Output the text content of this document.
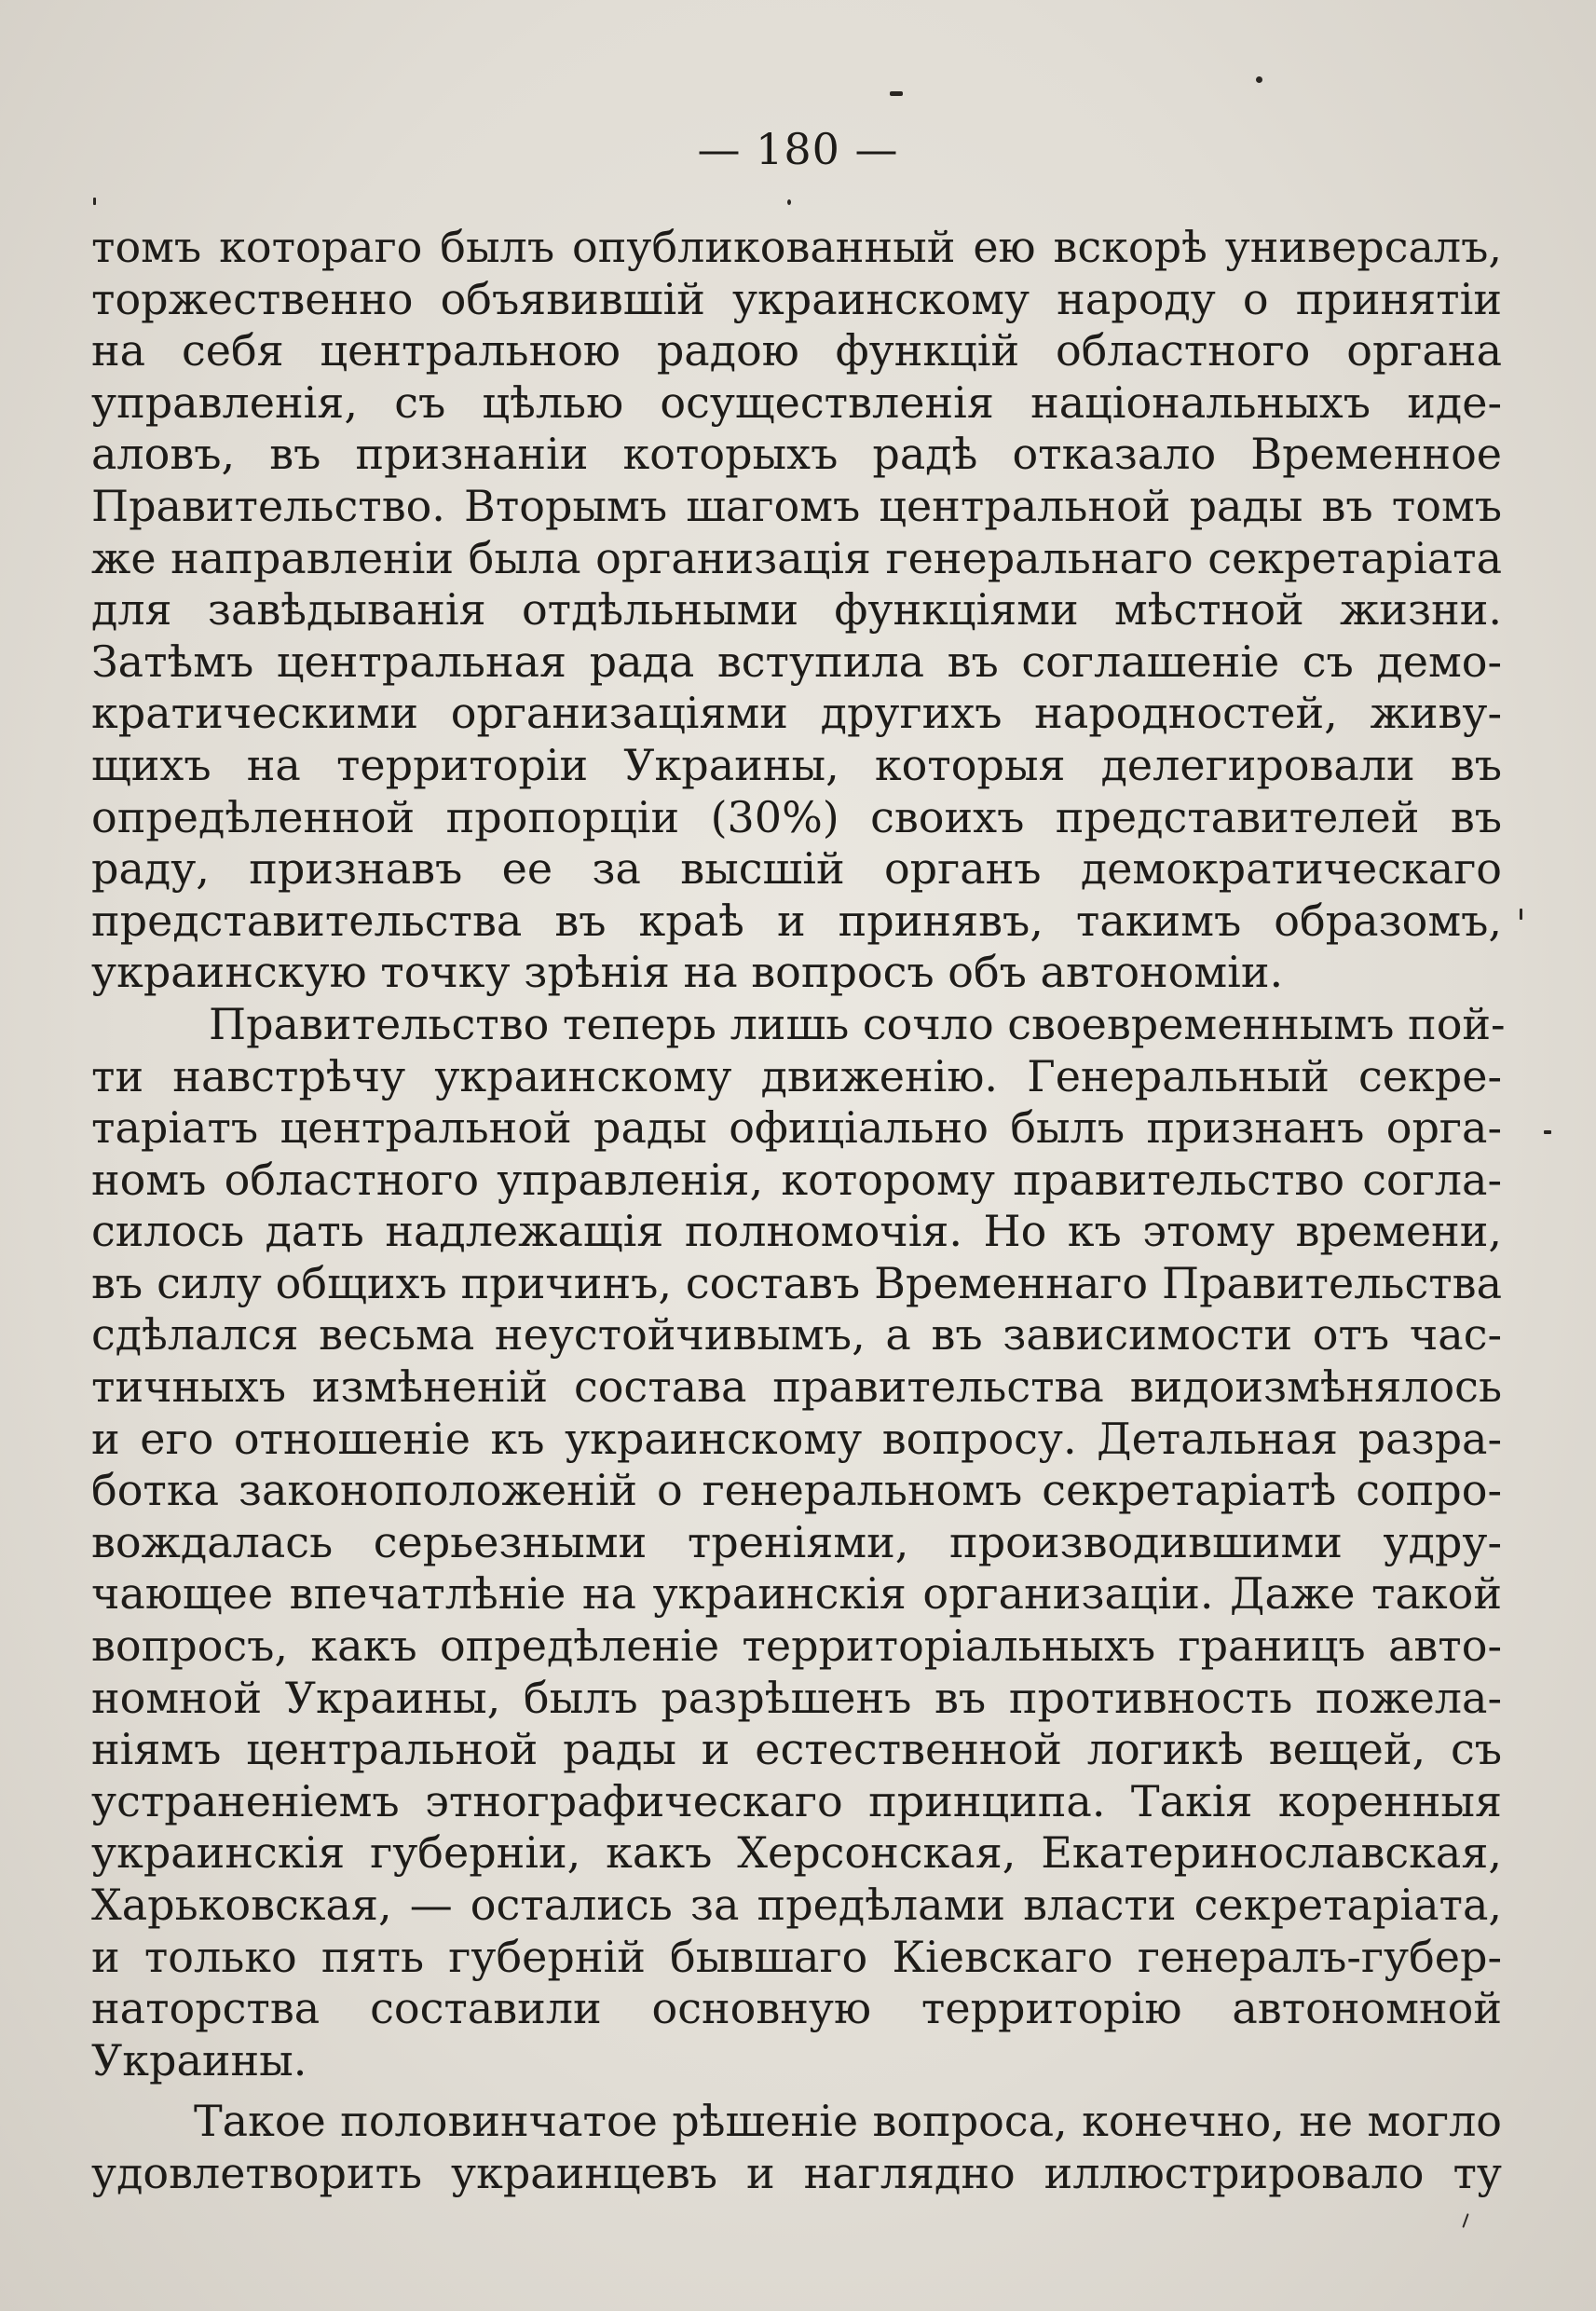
— 180 —
томъ котораго былъ опубликованный ею вскорѣ универсалъ,
торжественно объявившій украинскому народу о принятіи
на себя центральною радою функцій областного органа
управленія, съ цѣлью осуществленія національныхъ иде-
аловъ, въ признаніи которыхъ радѣ отказало Временное
Правительство. Вторымъ шагомъ центральной рады въ томъ
же направленіи была организація генеральнаго секретаріата
для завѣдыванія отдѣльными функціями мѣстной жизни.
Затѣмъ центральная рада вступила въ соглашеніе съ демо-
кратическими организаціями другихъ народностей, живу-
щихъ на территоріи Украины, которыя делегировали въ
опредѣленной пропорціи (30%) своихъ представителей въ
раду, признавъ ее за высшій органъ демократическаго
представительства въ краѣ и принявъ, такимъ образомъ,
украинскую точку зрѣнія на вопросъ объ автономіи.
Правительство теперь лишь сочло своевременнымъ пой-
ти навстрѣчу украинскому движенію. Генеральный секре-
таріатъ центральной рады офиціально былъ признанъ орга-
номъ областного управленія, которому правительство согла-
силось дать надлежащія полномочія. Но къ этому времени,
въ силу общихъ причинъ, составъ Временнаго Правительства
сдѣлался весьма неустойчивымъ, а въ зависимости отъ час-
тичныхъ измѣненій состава правительства видоизмѣнялось
и его отношеніе къ украинскому вопросу. Детальная разра-
ботка законоположеній о генеральномъ секретаріатѣ сопро-
вождалась серьезными треніями, производившими удру-
чающее впечатлѣніе на украинскія организаціи. Даже такой
вопросъ, какъ опредѣленіе территоріальныхъ границъ авто-
номной Украины, былъ разрѣшенъ въ противность пожела-
ніямъ центральной рады и естественной логикѣ вещей, съ
устраненіемъ этнографическаго принципа. Такія коренныя
украинскія губерніи, какъ Херсонская, Екатеринославская,
Харьковская, — остались за предѣлами власти секретаріата,
и только пять губерній бывшаго Кіевскаго генералъ-губер-
наторства составили основную территорію автономной
Украины.
Такое половинчатое рѣшеніе вопроса, конечно, не могло
удовлетворить украинцевъ и наглядно иллюстрировало ту
